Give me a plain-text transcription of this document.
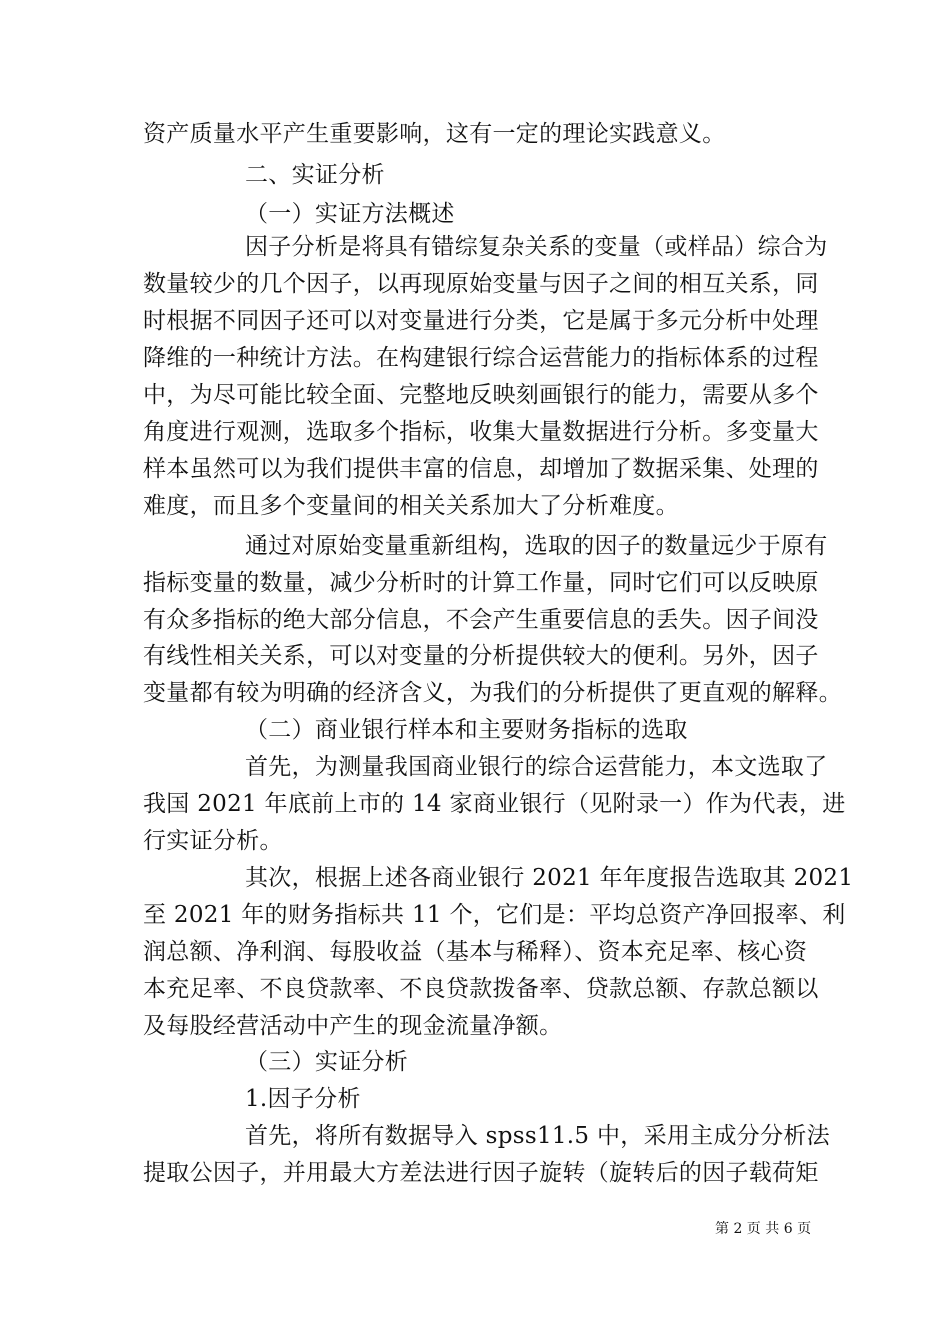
资产质量水平产生重要影响，这有一定的理论实践意义。
二、实证分析
（一）实证方法概述
因子分析是将具有错综复杂关系的变量（或样品）综合为
数量较少的几个因子，以再现原始变量与因子之间的相互关系，同
时根据不同因子还可以对变量进行分类，它是属于多元分析中处理
降维的一种统计方法。在构建银行综合运营能力的指标体系的过程
中，为尽可能比较全面、完整地反映刻画银行的能力，需要从多个
角度进行观测，选取多个指标，收集大量数据进行分析。多变量大
样本虽然可以为我们提供丰富的信息，却增加了数据采集、处理的
难度，而且多个变量间的相关关系加大了分析难度。
通过对原始变量重新组构，选取的因子的数量远少于原有
指标变量的数量，减少分析时的计算工作量，同时它们可以反映原
有众多指标的绝大部分信息，不会产生重要信息的丢失。因子间没
有线性相关关系，可以对变量的分析提供较大的便利。另外，因子
变量都有较为明确的经济含义，为我们的分析提供了更直观的解释。
（二）商业银行样本和主要财务指标的选取
首先，为测量我国商业银行的综合运营能力，本文选取了
我国 2021 年底前上市的 14 家商业银行（见附录一）作为代表，进
行实证分析。
其次，根据上述各商业银行 2021 年年度报告选取其 2021
至 2021 年的财务指标共 11 个，它们是：平均总资产净回报率、利
润总额、净利润、每股收益（基本与稀释）、资本充足率、核心资
本充足率、不良贷款率、不良贷款拨备率、贷款总额、存款总额以
及每股经营活动中产生的现金流量净额。
（三）实证分析
1.因子分析
首先，将所有数据导入 spss11.5 中，采用主成分分析法
提取公因子，并用最大方差法进行因子旋转（旋转后的因子载荷矩
第 2 页 共 6 页
